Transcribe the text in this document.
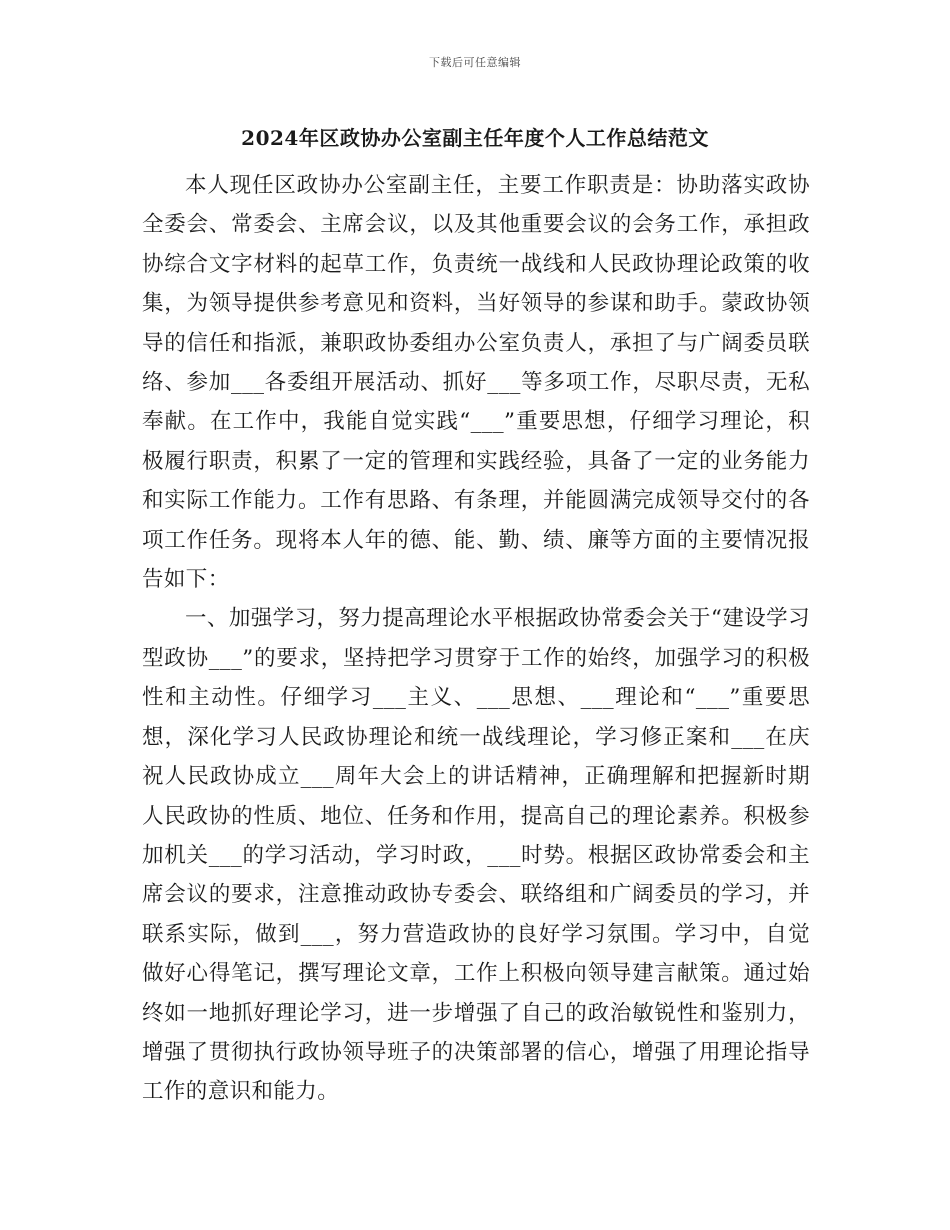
下载后可任意编辑
2024年区政协办公室副主任年度个人工作总结范文

本人现任区政协办公室副主任，主要工作职责是：协助落实政协全委会、常委会、主席会议，以及其他重要会议的会务工作，承担政协综合文字材料的起草工作，负责统一战线和人民政协理论政策的收集，为领导提供参考意见和资料，当好领导的参谋和助手。蒙政协领导的信任和指派，兼职政协委组办公室负责人，承担了与广阔委员联络、参加___各委组开展活动、抓好___等多项工作，尽职尽责，无私奉献。在工作中，我能自觉实践“___”重要思想，仔细学习理论，积极履行职责，积累了一定的管理和实践经验，具备了一定的业务能力和实际工作能力。工作有思路、有条理，并能圆满完成领导交付的各项工作任务。现将本人年的德、能、勤、绩、廉等方面的主要情况报告如下：

一、加强学习，努力提高理论水平根据政协常委会关于“建设学习型政协___”的要求，坚持把学习贯穿于工作的始终，加强学习的积极性和主动性。仔细学习___主义、___思想、___理论和“___”重要思想，深化学习人民政协理论和统一战线理论，学习修正案和___在庆祝人民政协成立___周年大会上的讲话精神，正确理解和把握新时期人民政协的性质、地位、任务和作用，提高自己的理论素养。积极参加机关___的学习活动，学习时政，___时势。根据区政协常委会和主席会议的要求，注意推动政协专委会、联络组和广阔委员的学习，并联系实际，做到___，努力营造政协的良好学习氛围。学习中，自觉做好心得笔记，撰写理论文章，工作上积极向领导建言献策。通过始终如一地抓好理论学习，进一步增强了自己的政治敏锐性和鉴别力，增强了贯彻执行政协领导班子的决策部署的信心，增强了用理论指导工作的意识和能力。
